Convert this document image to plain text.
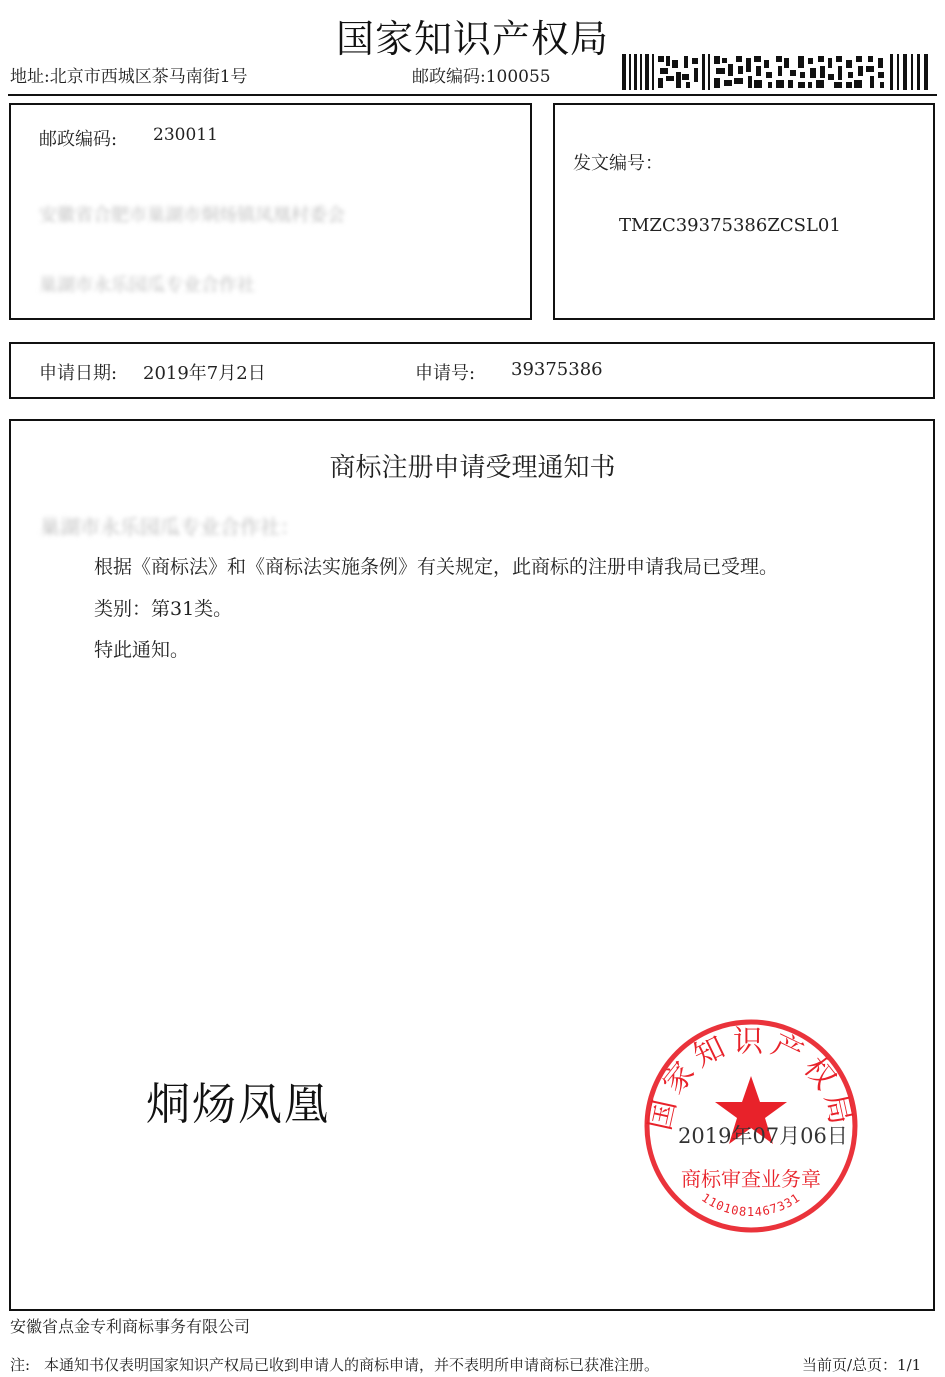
国家知识产权局
地址:北京市西城区茶马南街1号	邮政编码:100055
邮政编码: 230011
安徽省合肥市巢湖市烔炀镇凤凰村委会
巢湖市永乐园瓜专业合作社
发文编号：
TMZC39375386ZCSL01
申请日期: 2019年7月2日	申请号: 39375386
商标注册申请受理通知书
巢湖市永乐园瓜专业合作社：
根据《商标法》和《商标法实施条例》有关规定，此商标的注册申请我局已受理。
类别：第31类。
特此通知。
烔炀凤凰	国家知识产权局
商标审查业务章
1101081467331
2019年07月06日
安徽省点金专利商标事务有限公司
注: 本通知书仅表明国家知识产权局已收到申请人的商标申请，并不表明所申请商标已获准注册。	当前页/总页：1/1
